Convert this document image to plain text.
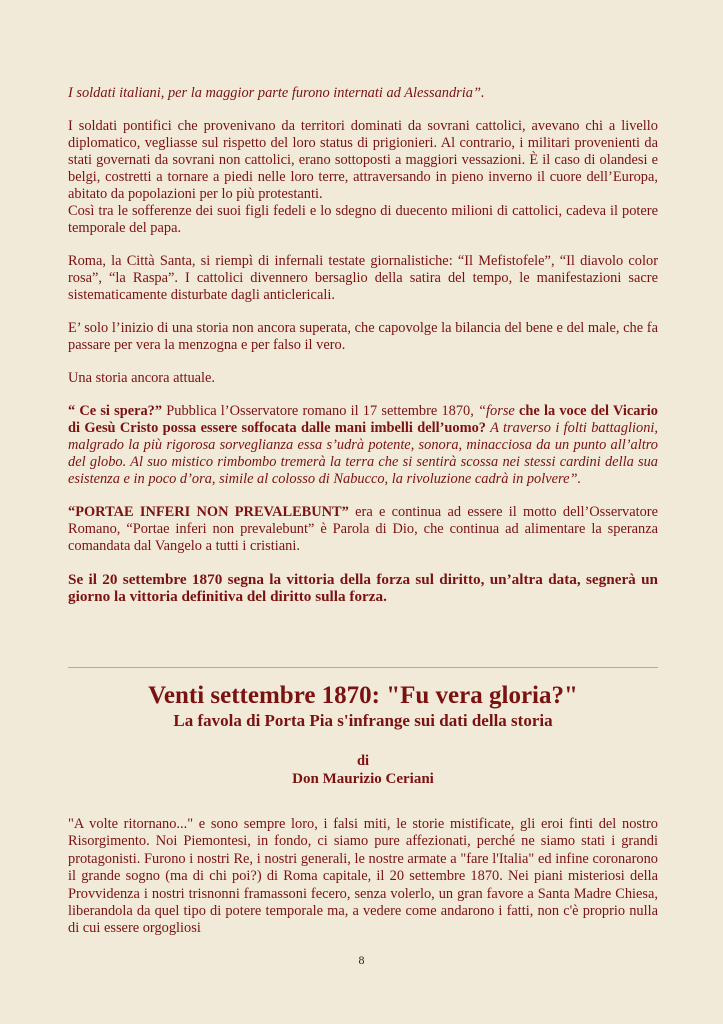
I soldati italiani, per la maggior parte furono internati ad Alessandria”.

I soldati pontifici che provenivano da territori dominati da sovrani cattolici, avevano chi a livello diplomatico, vegliasse sul rispetto del loro status di prigionieri. Al contrario, i militari provenienti da stati governati da sovrani non cattolici, erano sottoposti a maggiori vessazioni. È il caso di olandesi e belgi, costretti a tornare a piedi nelle loro terre, attraversando in pieno inverno il cuore dell’Europa, abitato da popolazioni per lo più protestanti.

Così tra le sofferenze dei suoi figli fedeli e lo sdegno di duecento milioni di cattolici, cadeva il potere temporale del papa.

Roma, la Città Santa, si riempì di infernali testate giornalistiche: “Il Mefistofele”, “Il diavolo color rosa”, “la Raspa”. I cattolici divennero bersaglio della satira del tempo, le manifestazioni sacre sistematicamente disturbate dagli anticlericali.

E’ solo l’inizio di una storia non ancora superata, che capovolge la bilancia del bene e del male, che fa passare per vera la menzogna e per falso il vero.

Una storia ancora attuale.

“ Ce si spera?” Pubblica l’Osservatore romano il 17 settembre 1870, “forse che la voce del Vicario di Gesù Cristo possa essere soffocata dalle mani imbelli dell’uomo? A traverso i folti battaglioni, malgrado la più rigorosa sorveglianza essa s’udrà potente, sonora, minacciosa da un punto all’altro del globo. Al suo mistico rimbombo tremerà la terra che si sentirà scossa nei stessi cardini della sua esistenza e in poco d’ora, simile al colosso di Nabucco, la rivoluzione cadrà in polvere”.

“PORTAE INFERI NON PREVALEBUNT” era e continua ad essere il motto dell’Osservatore Romano, “Portae inferi non prevalebunt” è Parola di Dio, che continua ad alimentare la speranza comandata dal Vangelo a tutti i cristiani.

Se il 20 settembre 1870 segna la vittoria della forza sul diritto, un’altra data, segnerà un giorno la vittoria definitiva del diritto sulla forza.

Venti settembre 1870: "Fu vera gloria?"
La favola di Porta Pia s'infrange sui dati della storia
di
Don Maurizio Ceriani

"A volte ritornano..." e sono sempre loro, i falsi miti, le storie mistificate, gli eroi finti del nostro Risorgimento. Noi Piemontesi, in fondo, ci siamo pure affezionati, perché ne siamo stati i grandi protagonisti. Furono i nostri Re, i nostri generali, le nostre armate a "fare l'Italia" ed infine coronarono il grande sogno (ma di chi poi?) di Roma capitale, il 20 settembre 1870. Nei piani misteriosi della Provvidenza i nostri trisnonni framassoni fecero, senza volerlo, un gran favore a Santa Madre Chiesa, liberandola da quel tipo di potere temporale ma, a vedere come andarono i fatti, non c'è proprio nulla di cui essere orgogliosi

8
